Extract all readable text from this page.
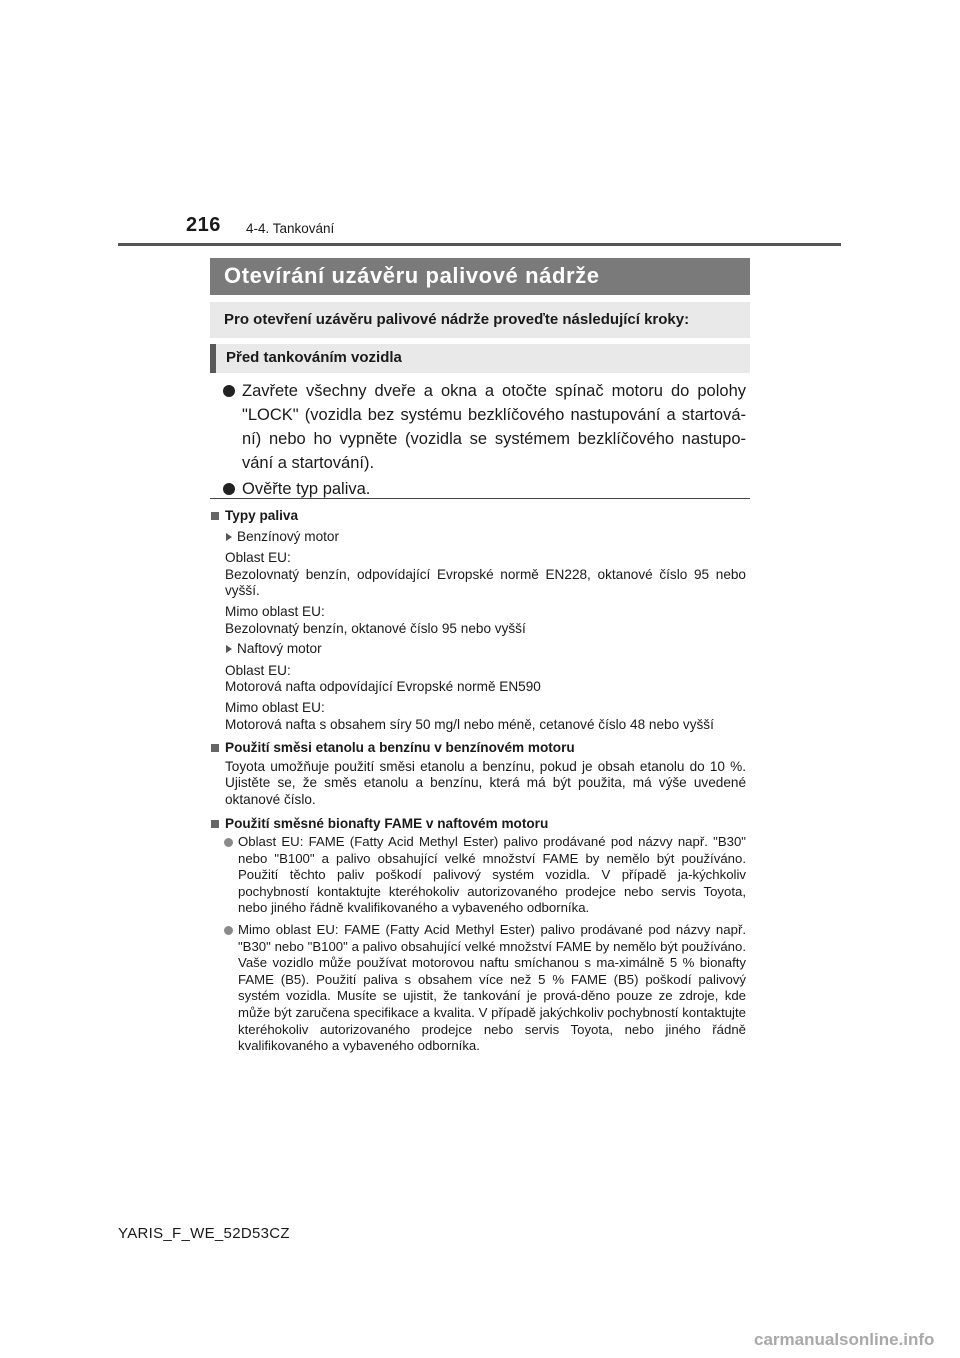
216 4-4. Tankování
Otevírání uzávěru palivové nádrže
Pro otevření uzávěru palivové nádrže proveďte následující kroky:
Před tankováním vozidla
Zavřete všechny dveře a okna a otočte spínač motoru do polohy "LOCK" (vozidla bez systému bezklíčového nastupování a startová-ní) nebo ho vypněte (vozidla se systémem bezklíčového nastupo-vání a startování).
Ověřte typ paliva.
Typy paliva
Benzínový motor
Oblast EU:
Bezolovnatý benzín, odpovídající Evropské normě EN228, oktanové číslo 95 nebo vyšší.
Mimo oblast EU:
Bezolovnatý benzín, oktanové číslo 95 nebo vyšší
Naftový motor
Oblast EU:
Motorová nafta odpovídající Evropské normě EN590
Mimo oblast EU:
Motorová nafta s obsahem síry 50 mg/l nebo méně, cetanové číslo 48 nebo vyšší
Použití směsi etanolu a benzínu v benzínovém motoru
Toyota umožňuje použití směsi etanolu a benzínu, pokud je obsah etanolu do 10 %. Ujistěte se, že směs etanolu a benzínu, která má být použita, má výše uvedené oktanové číslo.
Použití směsné bionafty FAME v naftovém motoru
Oblast EU: FAME (Fatty Acid Methyl Ester) palivo prodávané pod názvy např. "B30" nebo "B100" a palivo obsahující velké množství FAME by nemělo být používáno. Použití těchto paliv poškodí palivový systém vozidla. V případě ja-kýchkoliv pochybností kontaktujte kteréhokoliv autorizovaného prodejce nebo servis Toyota, nebo jiného řádně kvalifikovaného a vybaveného odborníka.
Mimo oblast EU: FAME (Fatty Acid Methyl Ester) palivo prodávané pod názvy např. "B30" nebo "B100" a palivo obsahující velké množství FAME by nemělo být používáno. Vaše vozidlo může používat motorovou naftu smíchanou s ma-ximálně 5 % bionafty FAME (B5). Použití paliva s obsahem více než 5 % FAME (B5) poškodí palivový systém vozidla. Musíte se ujistit, že tankování je prová-děno pouze ze zdroje, kde může být zaručena specifikace a kvalita. V případě jakýchkoliv pochybností kontaktujte kteréhokoliv autorizovaného prodejce nebo servis Toyota, nebo jiného řádně kvalifikovaného a vybaveného odborníka.
YARIS_F_WE_52D53CZ
carmanualsonline.info
